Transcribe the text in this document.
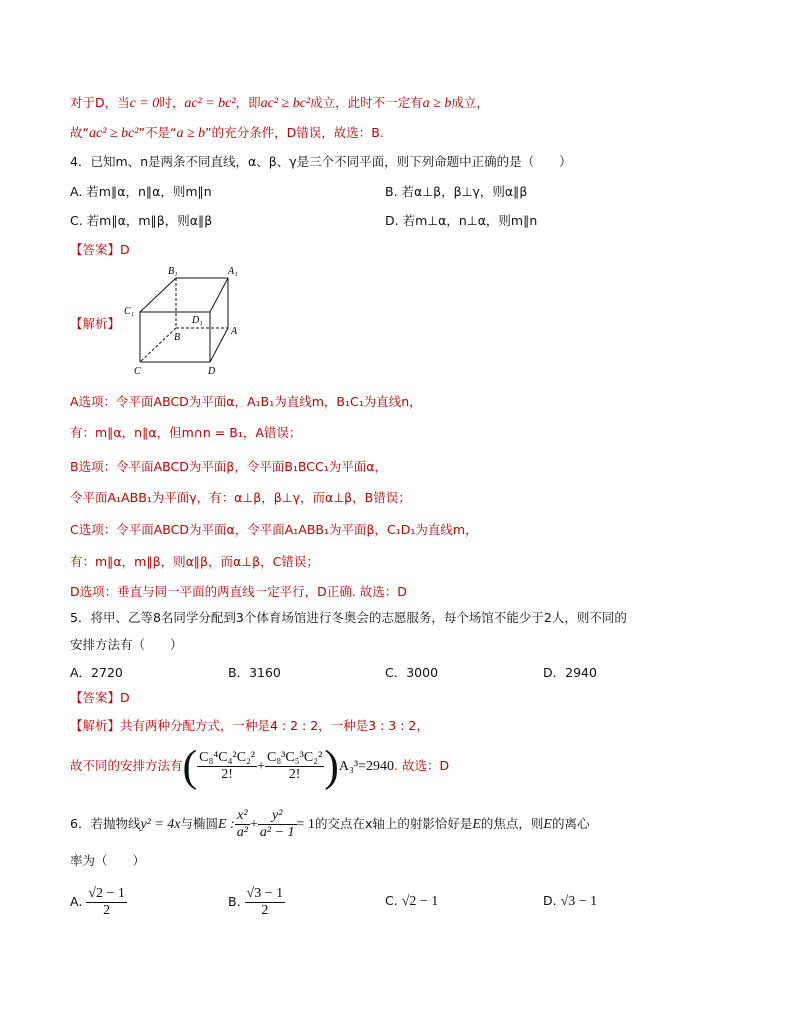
对于D，当c = 0时，ac² = bc²，即ac² ≥ bc²成立，此时不一定有a ≥ b成立，
故“ac² ≥ bc²”不是“a ≥ b”的充分条件，D错误，故选：B.
4．已知m、n是两条不同直线，α、β、γ是三个不同平面，则下列命题中正确的是（　　）
A. 若m∥α，n∥α，则m∥n	B. 若α⊥β，β⊥γ，则α∥β
C. 若m∥α，m∥β，则α∥β	D. 若m⊥α，n⊥α，则m∥n
【答案】D
【解析】
B₁	A₁
C₁
D₁
B
A
C	D
A选项：令平面ABCD为平面α，A₁B₁为直线m，B₁C₁为直线n，
有：m∥α，n∥α，但m∩n = B₁，A错误；
B选项：令平面ABCD为平面β，令平面B₁BCC₁为平面α，
令平面A₁ABB₁为平面γ，有：α⊥β，β⊥γ，而α⊥β，B错误；
C选项：令平面ABCD为平面α，令平面A₁ABB₁为平面β，C₁D₁为直线m，
有：m∥α，m∥β，则α∥β，而α⊥β，C错误；
D选项：垂直与同一平面的两直线一定平行，D正确. 故选：D
5．将甲、乙等8名同学分配到3个体育场馆进行冬奥会的志愿服务，每个场馆不能少于2人，则不同的
安排方法有（　　）
A．2720	B．3160	C．3000	D．2940
【答案】D
【解析】共有两种分配方式，一种是4 : 2 : 2，一种是3 : 3 : 2，
故不同的安排方法有( $\frac{\text{C₈⁴C₄²C₂²}}{2!} + \frac{\text{C₈³C₅³C₂²}}{2!} )A_3^3=2940$. 故选：D
6．若抛物线y² = 4x与椭圆E : $\frac{\text{x²}}{\text{a²}} + \frac{\text{y²}}{\text{a² − 1}} = 1$的交点在x轴上的射影恰好是E的焦点，则E的离心
率为（　　）
A. $\frac{√2 - 1}{2}$	B. $\frac{√3 - 1}{2}$	C. √2 − 1	D. √3 − 1
